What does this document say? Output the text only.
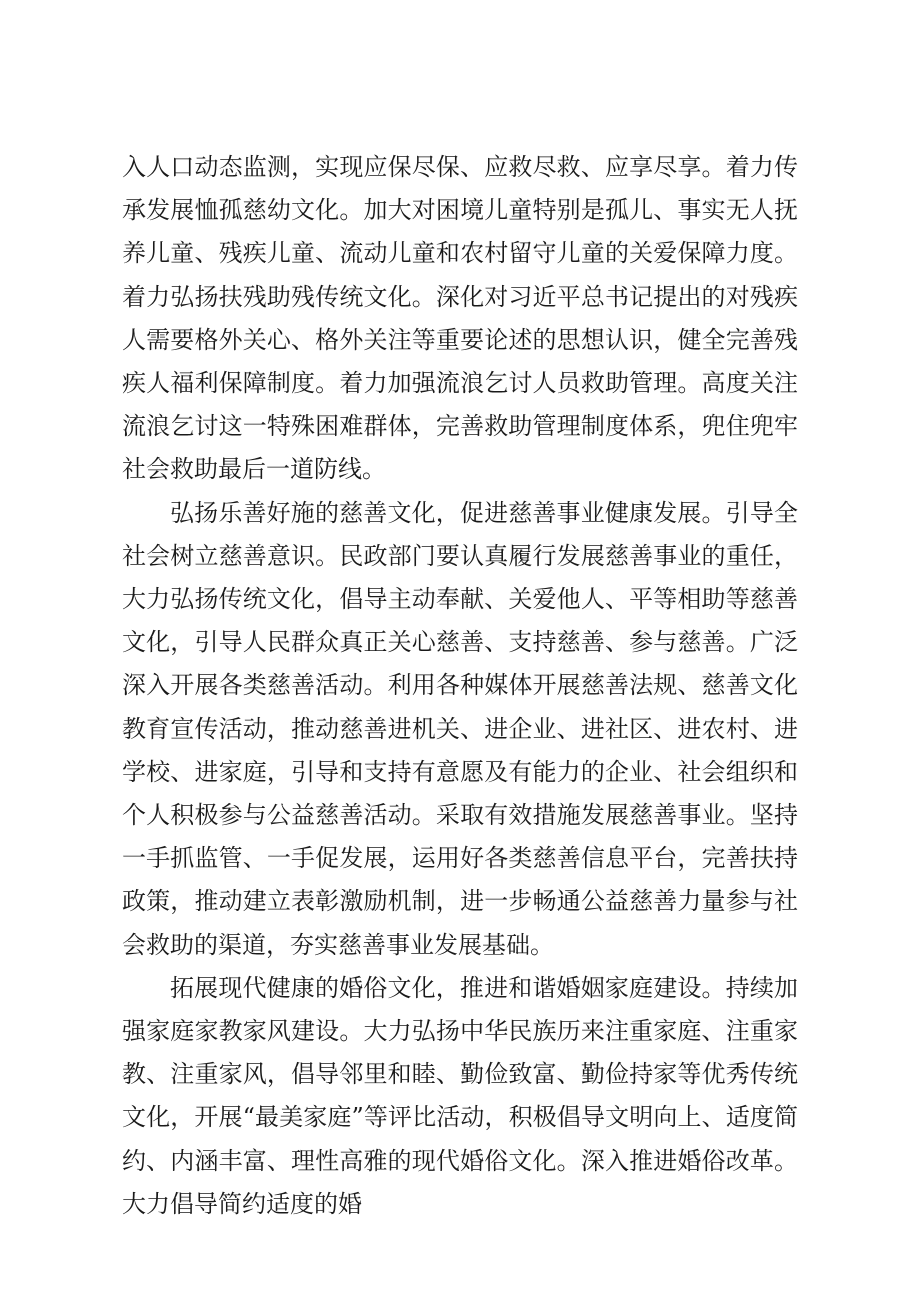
入人口动态监测，实现应保尽保、应救尽救、应享尽享。着力传承发展恤孤慈幼文化。加大对困境儿童特别是孤儿、事实无人抚养儿童、残疾儿童、流动儿童和农村留守儿童的关爱保障力度。着力弘扬扶残助残传统文化。深化对习近平总书记提出的对残疾人需要格外关心、格外关注等重要论述的思想认识，健全完善残疾人福利保障制度。着力加强流浪乞讨人员救助管理。高度关注流浪乞讨这一特殊困难群体，完善救助管理制度体系，兜住兜牢社会救助最后一道防线。

弘扬乐善好施的慈善文化，促进慈善事业健康发展。引导全社会树立慈善意识。民政部门要认真履行发展慈善事业的重任，大力弘扬传统文化，倡导主动奉献、关爱他人、平等相助等慈善文化，引导人民群众真正关心慈善、支持慈善、参与慈善。广泛深入开展各类慈善活动。利用各种媒体开展慈善法规、慈善文化教育宣传活动，推动慈善进机关、进企业、进社区、进农村、进学校、进家庭，引导和支持有意愿及有能力的企业、社会组织和个人积极参与公益慈善活动。采取有效措施发展慈善事业。坚持一手抓监管、一手促发展，运用好各类慈善信息平台，完善扶持政策，推动建立表彰激励机制，进一步畅通公益慈善力量参与社会救助的渠道，夯实慈善事业发展基础。

拓展现代健康的婚俗文化，推进和谐婚姻家庭建设。持续加强家庭家教家风建设。大力弘扬中华民族历来注重家庭、注重家教、注重家风，倡导邻里和睦、勤俭致富、勤俭持家等优秀传统文化，开展“最美家庭”等评比活动，积极倡导文明向上、适度简约、内涵丰富、理性高雅的现代婚俗文化。深入推进婚俗改革。大力倡导简约适度的婚
